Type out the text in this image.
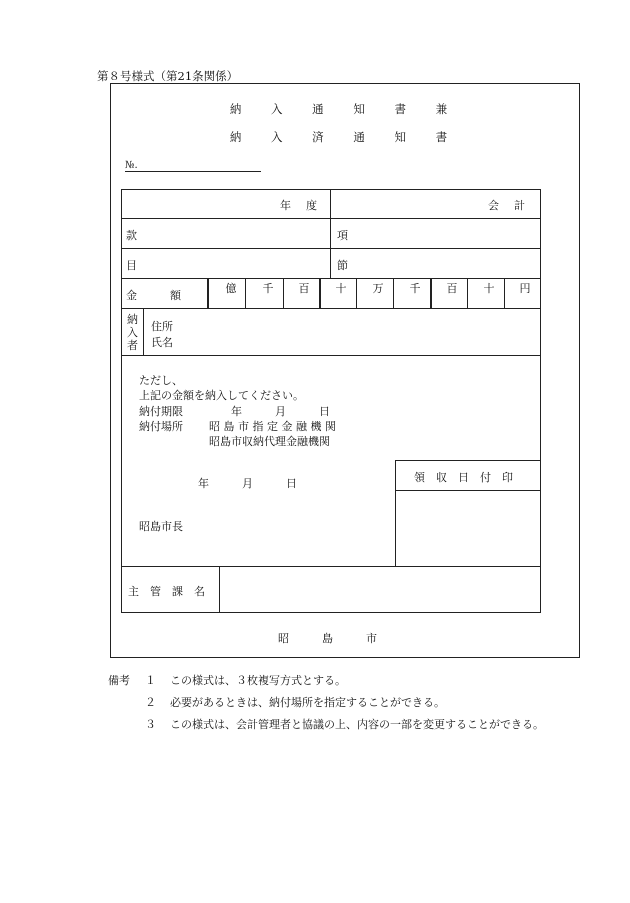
第８号様式（第21条関係）
納 入 通 知 書 兼
納 入 済 通 知 書
№.
年　度	会　計
款	項
目	節
金　　　額
億	千	百	十	万	千	百	十	円
納
入
者
住所
氏名
ただし、
上記の金額を納入してください。
納付期限	年　　　月　　　日
納付場所 昭 島 市 指 定 金 融 機 関
昭島市収納代理金融機関
年　　　月　　　日
昭島市長
領　収　日　付　印
主　管　課　名
昭　　　島　　　市
備考 １ この様式は、３枚複写方式とする。
２ 必要があるときは、納付場所を指定することができる。
３ この様式は、会計管理者と協議の上、内容の一部を変更することができる。
